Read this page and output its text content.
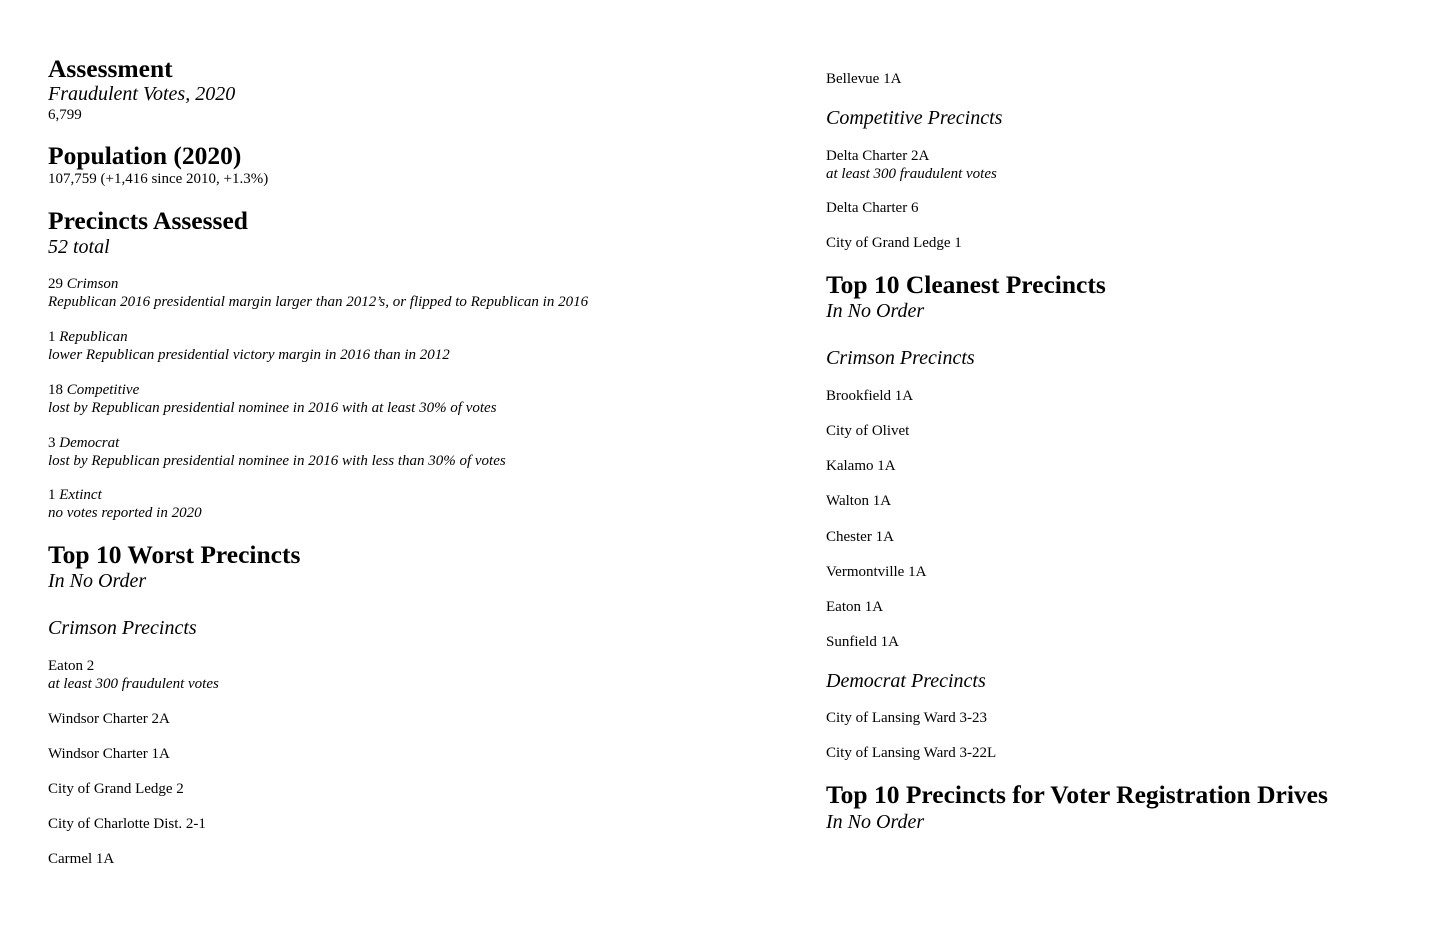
Assessment
Fraudulent Votes, 2020
6,799
Population (2020)
107,759 (+1,416 since 2010, +1.3%)
Precincts Assessed
52 total
29 Crimson
Republican 2016 presidential margin larger than 2012’s, or flipped to Republican in 2016
1 Republican
lower Republican presidential victory margin in 2016 than in 2012
18 Competitive
lost by Republican presidential nominee in 2016 with at least 30% of votes
3 Democrat
lost by Republican presidential nominee in 2016 with less than 30% of votes
1 Extinct
no votes reported in 2020
Top 10 Worst Precincts
In No Order
Crimson Precincts
Eaton 2
at least 300 fraudulent votes
Windsor Charter 2A
Windsor Charter 1A
City of Grand Ledge 2
City of Charlotte Dist. 2-1
Carmel 1A
Bellevue 1A
Competitive Precincts
Delta Charter 2A
at least 300 fraudulent votes
Delta Charter 6
City of Grand Ledge 1
Top 10 Cleanest Precincts
In No Order
Crimson Precincts
Brookfield 1A
City of Olivet
Kalamo 1A
Walton 1A
Chester 1A
Vermontville 1A
Eaton 1A
Sunfield 1A
Democrat Precincts
City of Lansing Ward 3-23
City of Lansing Ward 3-22L
Top 10 Precincts for Voter Registration Drives
In No Order
